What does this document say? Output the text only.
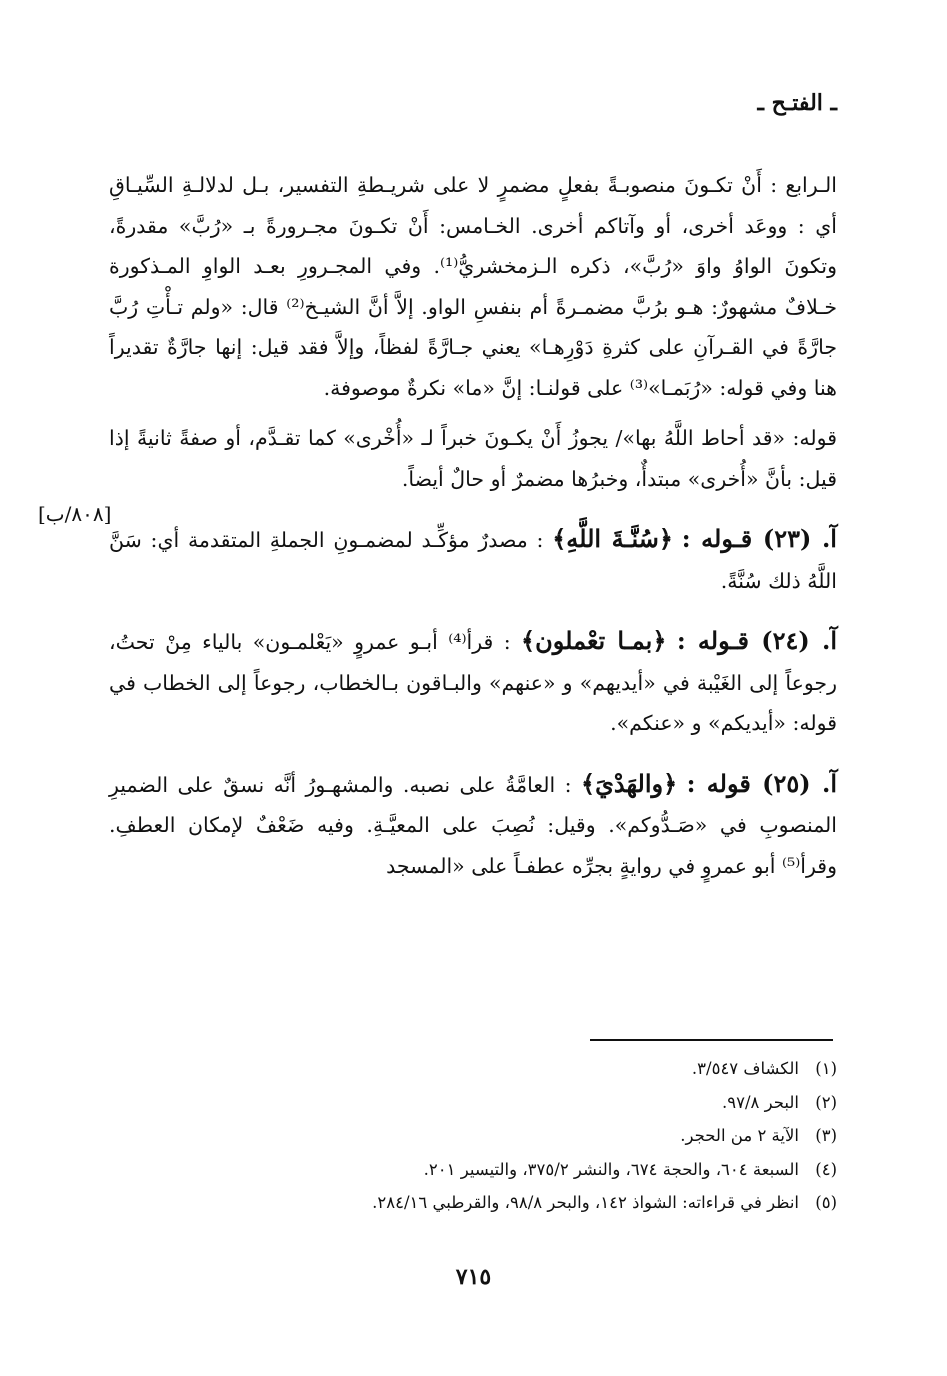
ـ الفتـح ـ

الـرابع : أَنْ تكـونَ منصوبـةً بفعلٍ مضمرٍ لا على شريـطةِ التفسير، بـل لدلالـةِ السِّيـاقِ أي : ووعَد أخرى، أو وآتاكم أخرى. الخـامس: أَنْ تكـونَ مجـرورةً بـ «رُبَّ» مقدرةً، وتكونَ الواوُ واوَ «رُبَّ»، ذكره الـزمخشريُّ⁽¹⁾. وفي المجـرورِ بعـد الواوِ المـذكورة خـلافٌ مشهورٌ: هـو برُبَّ مضمـرةً أم بنفسِ الواو. إلاَّ أنَّ الشيـخ⁽²⁾ قال: «ولم تـأْتِ رُبَّ جارَّةً في القـرآنِ على كثرةِ دَوْرِهـا» يعني جـارَّةً لفظاً، وإلاَّ فقد قيل: إنها جارَّةٌ تقديراً هنا وفي قوله: «رُبَمـا»⁽³⁾ على قولنـا: إنَّ «ما» نكرةٌ موصوفة.

قوله: «قد أحاط اللَّهُ بها»/ يجوزُ أَنْ يكـونَ خبراً لـ «أُخْرى» كما تقـدَّم، أو صفةً ثانيةً إذا قيل: بأنَّ «أُخرى» مبتدأٌ، وخبرُها مضمرٌ أو حالٌ أيضاً.

آ. (٢٣) قـوله : ﴿سُنَّـةَ اللَّهِ﴾ : مصدرٌ مؤكِّـد لمضمـونِ الجملةِ المتقدمة أي: سَنَّ اللَّهُ ذلك سُنَّةً.

آ. (٢٤) قـوله : ﴿بمـا تعْملون﴾ : قرأ⁽⁴⁾ أبـو عمروٍ «يَعْلمـون» بالياء مِنْ تحتُ، رجوعاً إلى الغَيْبة في «أيديهم» و «عنهم» والبـاقون بـالخطاب، رجوعاً إلى الخطاب في قوله: «أيديكم» و «عنكم».

آ. (٢٥) قوله : ﴿والهَدْيَ﴾ : العامَّةُ على نصبه. والمشهـورُ أنَّه نسقٌ على الضميرِ المنصوبِ في «صَـدُّوكم». وقيل: نُصِبَ على المعيَّـةِ. وفيه ضَعْفٌ لإمكان العطفِ. وقرأ⁽⁵⁾ أبو عمروٍ في روايةٍ بجرِّه عطفـاً على «المسجد

[٨٠٨/ب]
(١)الكشاف ٣/٥٤٧.
(٢)البحر ٩٧/٨.
(٣)الآية ٢ من الحجر.
(٤)السبعة ٦٠٤، والحجة ٦٧٤، والنشر ٣٧٥/٢، والتيسير ٢٠١.
(٥)انظر في قراءاته: الشواذ ١٤٢، والبحر ٩٨/٨، والقرطبي ٢٨٤/١٦.
٧١٥
